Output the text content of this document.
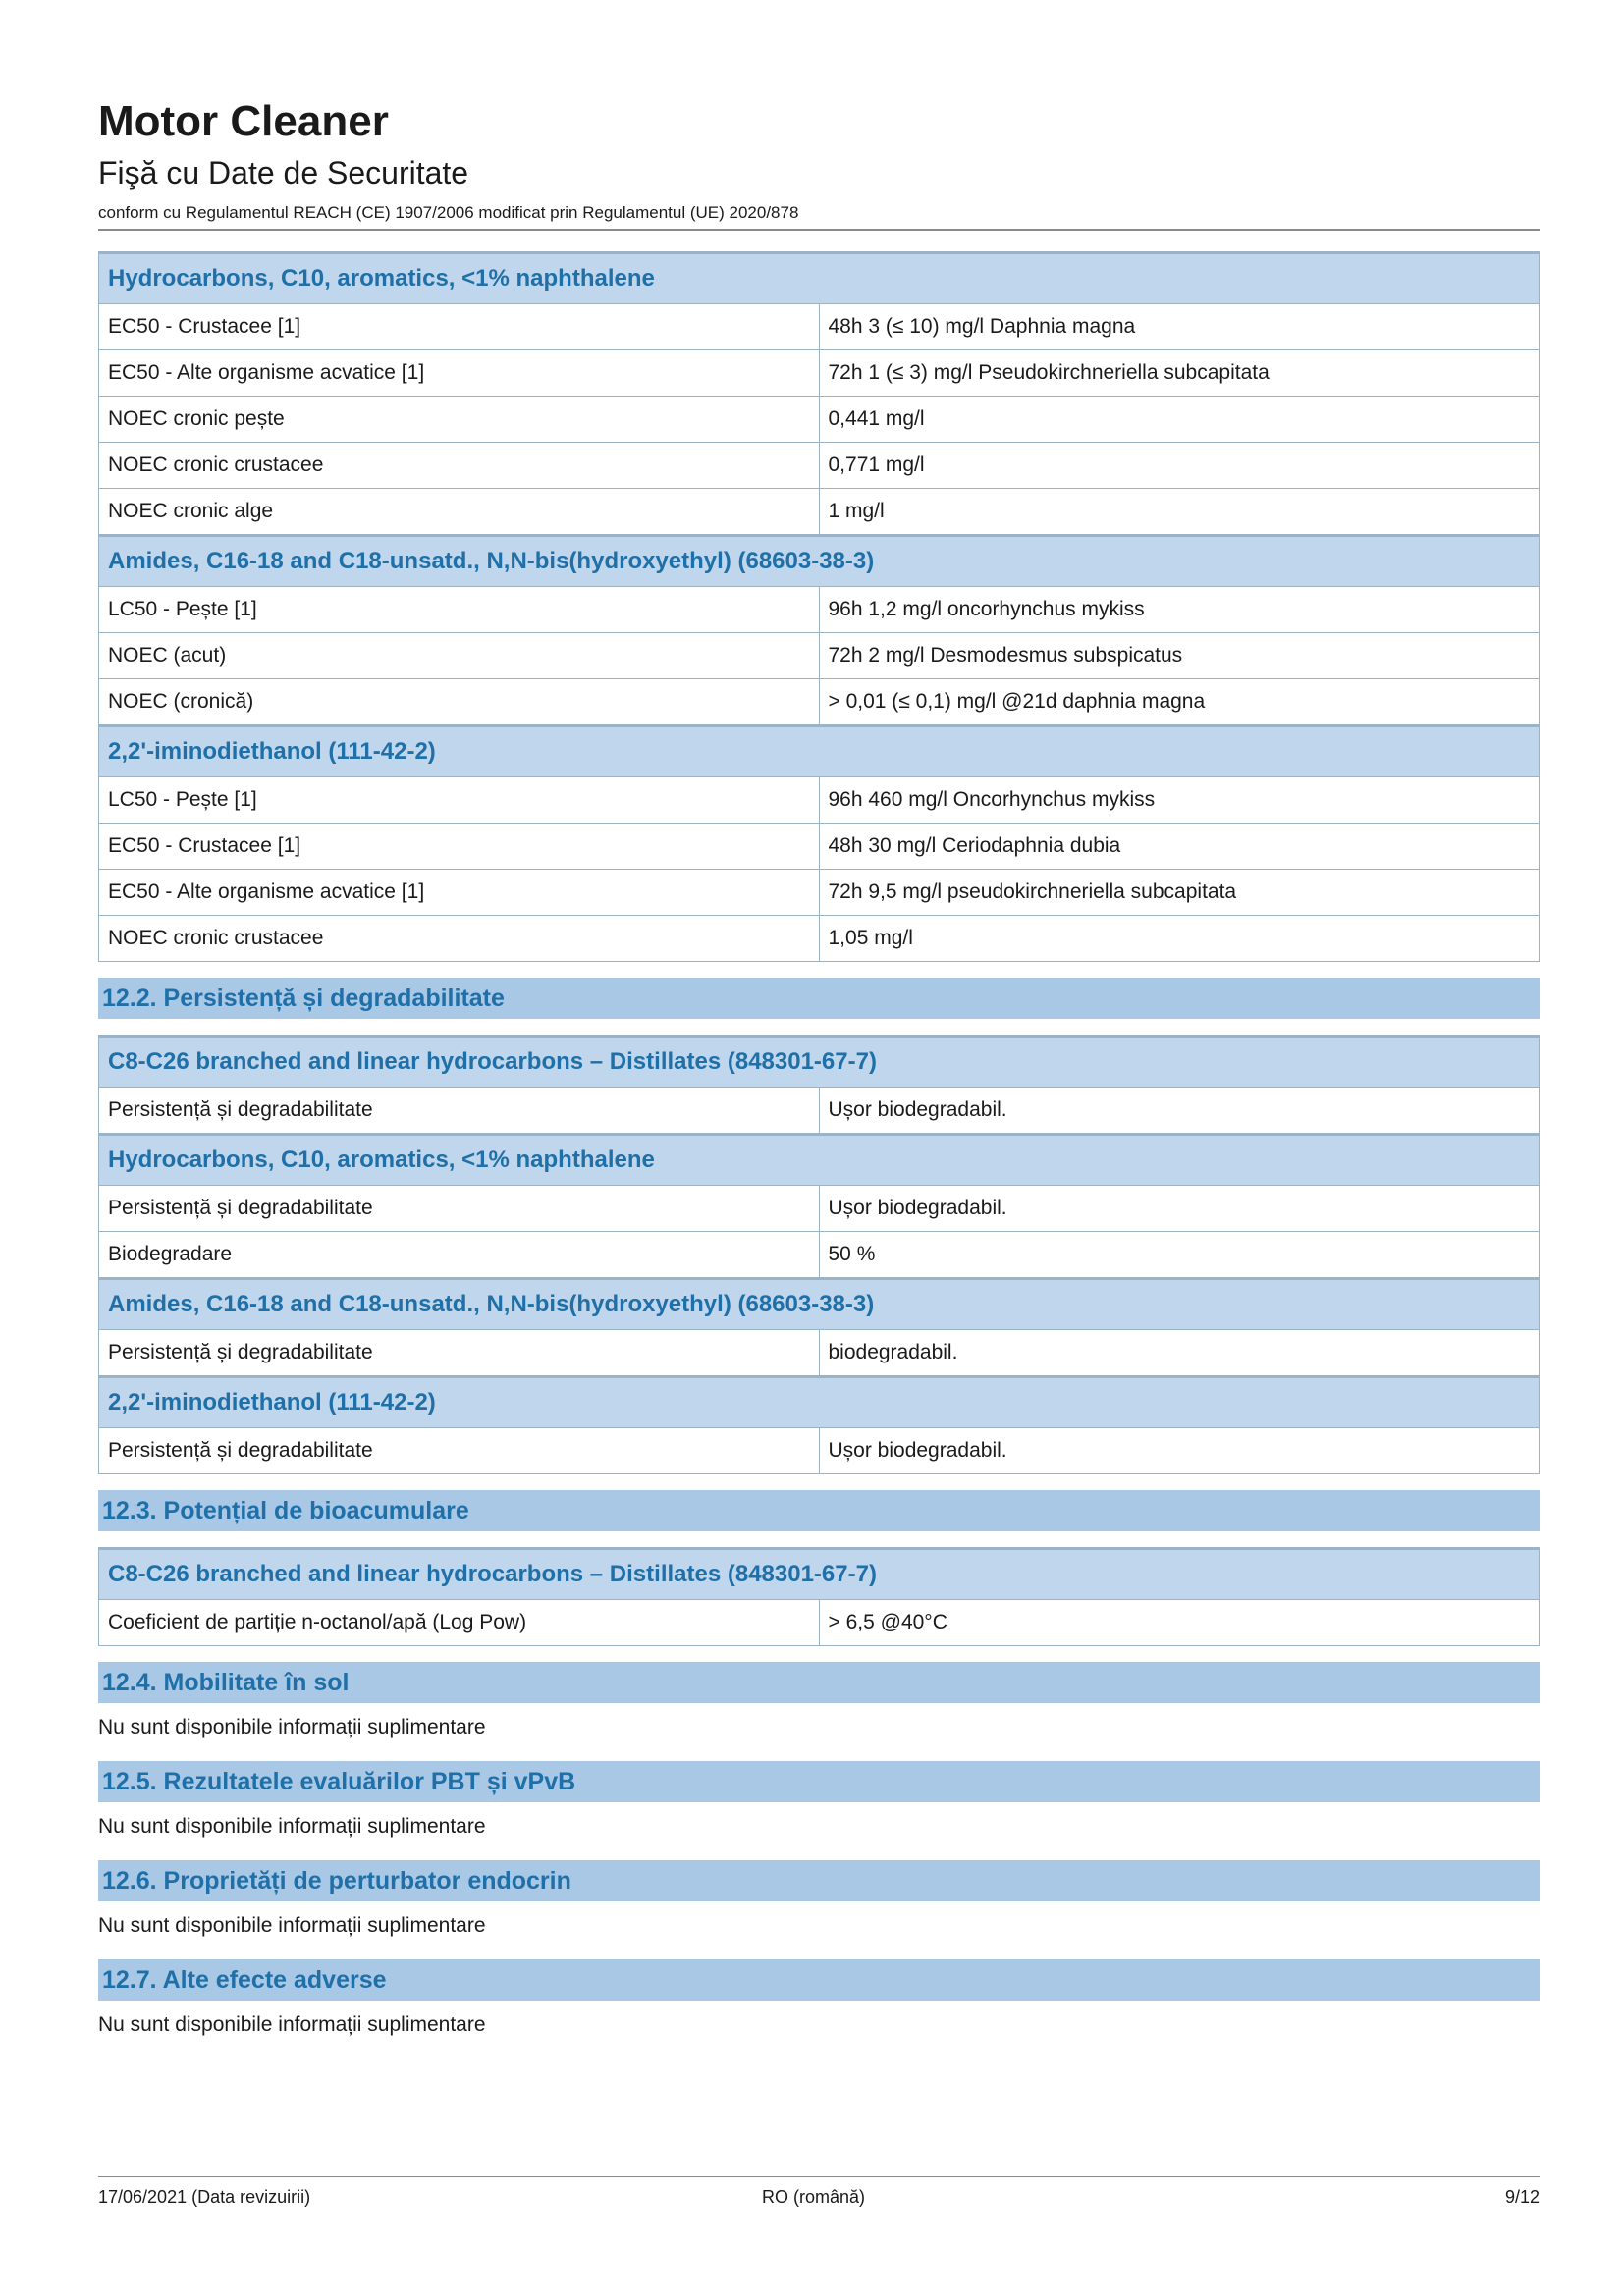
Motor Cleaner
Fişă cu Date de Securitate
conform cu Regulamentul REACH (CE) 1907/2006 modificat prin Regulamentul (UE) 2020/878
Hydrocarbons, C10, aromatics, <1% naphthalene	
EC50 - Crustacee [1]	48h 3 (≤ 10) mg/l Daphnia magna
EC50 - Alte organisme acvatice [1]	72h 1 (≤ 3) mg/l Pseudokirchneriella subcapitata
NOEC cronic pește	0,441 mg/l
NOEC cronic crustacee	0,771 mg/l
NOEC cronic alge	1 mg/l
Amides, C16-18 and C18-unsatd., N,N-bis(hydroxyethyl) (68603-38-3)	
LC50 - Pește [1]	96h 1,2 mg/l oncorhynchus mykiss
NOEC (acut)	72h 2 mg/l Desmodesmus subspicatus
NOEC (cronică)	> 0,01 (≤ 0,1) mg/l @21d daphnia magna
2,2'-iminodiethanol (111-42-2)	
LC50 - Pește [1]	96h 460 mg/l Oncorhynchus mykiss
EC50 - Crustacee [1]	48h 30 mg/l Ceriodaphnia dubia
EC50 - Alte organisme acvatice [1]	72h 9,5 mg/l pseudokirchneriella subcapitata
NOEC cronic crustacee	1,05 mg/l
12.2. Persistență și degradabilitate
C8-C26 branched and linear hydrocarbons – Distillates (848301-67-7)	
Persistență și degradabilitate	Ușor biodegradabil.
Hydrocarbons, C10, aromatics, <1% naphthalene	
Persistență și degradabilitate	Ușor biodegradabil.
Biodegradare	50 %
Amides, C16-18 and C18-unsatd., N,N-bis(hydroxyethyl) (68603-38-3)	
Persistență și degradabilitate	biodegradabil.
2,2'-iminodiethanol (111-42-2)	
Persistență și degradabilitate	Ușor biodegradabil.
12.3. Potențial de bioacumulare
C8-C26 branched and linear hydrocarbons – Distillates (848301-67-7)
Coeficient de partiție n-octanol/apă (Log Pow)	> 6,5 @40°C
12.4. Mobilitate în sol
Nu sunt disponibile informații suplimentare
12.5. Rezultatele evaluărilor PBT și vPvB
Nu sunt disponibile informații suplimentare
12.6. Proprietăți de perturbator endocrin
Nu sunt disponibile informații suplimentare
12.7. Alte efecte adverse
Nu sunt disponibile informații suplimentare
17/06/2021 (Data revizuirii)	RO (română)	9/12
